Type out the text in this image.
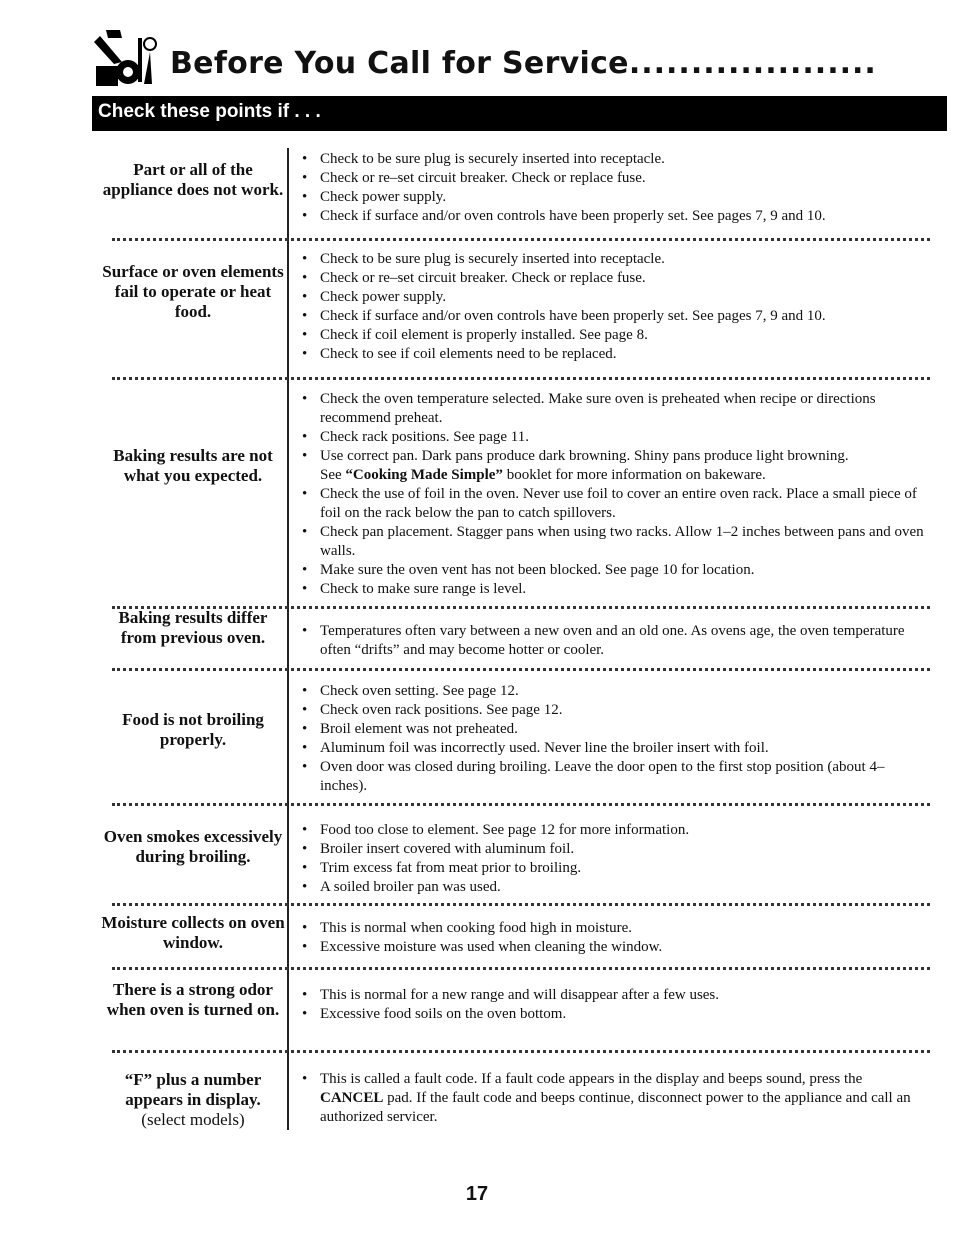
Before You Call for Service....................
Check these points if . . .
Part or all of the appliance does not work.
• Check to be sure plug is securely inserted into receptacle.
• Check or re–set circuit breaker. Check or replace fuse.
• Check power supply.
• Check if surface and/or oven controls have been properly set. See pages 7, 9 and 10.
Surface or oven elements fail to operate or heat food.
• Check to be sure plug is securely inserted into receptacle.
• Check or re–set circuit breaker. Check or replace fuse.
• Check power supply.
• Check if surface and/or oven controls have been properly set. See pages 7, 9 and 10.
• Check if coil element is properly installed. See page 8.
• Check to see if coil elements need to be replaced.
Baking results are not what you expected.
• Check the oven temperature selected. Make sure oven is preheated when recipe or directions recommend preheat.
• Check rack positions. See page 11.
• Use correct pan. Dark pans produce dark browning. Shiny pans produce light browning.
See “Cooking Made Simple” booklet for more information on bakeware.
• Check the use of foil in the oven. Never use foil to cover an entire oven rack. Place a small piece of foil on the rack below the pan to catch spillovers.
• Check pan placement. Stagger pans when using two racks. Allow 1–2 inches between pans and oven walls.
• Make sure the oven vent has not been blocked. See page 10 for location.
• Check to make sure range is level.
Baking results differ from previous oven.
•	Temperatures often vary between a new oven and an old one. As ovens age, the oven temperature often “drifts” and may become hotter or cooler.
Food is not broiling properly.
• Check oven setting. See page 12.
• Check oven rack positions. See page 12.
• Broil element was not preheated.
• Aluminum foil was incorrectly used. Never line the broiler insert with foil.
• Oven door was closed during broiling. Leave the door open to the first stop position (about 4–inches).
Oven smokes excessively during broiling.
• Food too close to element. See page 12 for more information.
• Broiler insert covered with aluminum foil.
• Trim excess fat from meat prior to broiling.
• A soiled broiler pan was used.
Moisture collects on oven window.
• This is normal when cooking food high in moisture.
• Excessive moisture was used when cleaning the window.
There is a strong odor when oven is turned on.
• This is normal for a new range and will disappear after a few uses.
• Excessive food soils on the oven bottom.
“F” plus a number appears in display.
(select models)
• This is called a fault code. If a fault code appears in the display and beeps sound, press the CANCEL pad. If the fault code and beeps continue, disconnect power to the appliance and call an authorized servicer.
17
